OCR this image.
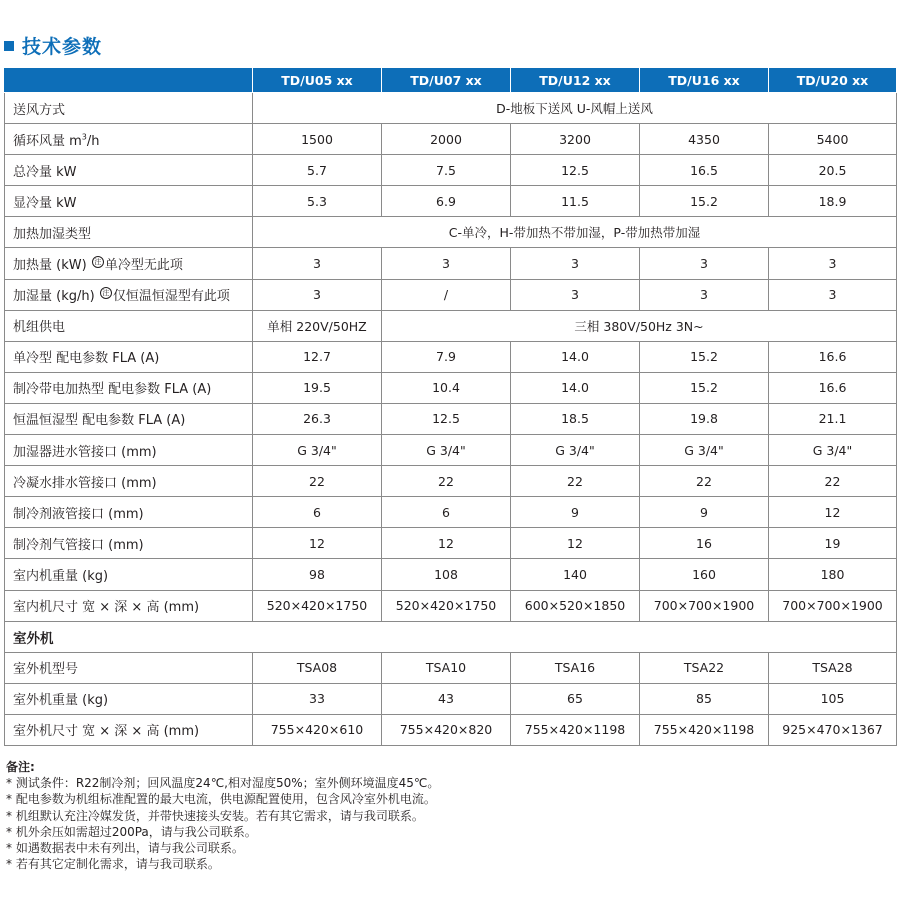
技术参数
	TD/U05 xx	TD/U07 xx	TD/U12 xx	TD/U16 xx	TD/U20 xx
送风方式	D-地板下送风 U-风帽上送风				
循环风量 $m^3/h$	1500	2000	3200	4350	5400
总冷量 kW	5.7	7.5	12.5	16.5	20.5
显冷量 kW	5.3	6.9	11.5	15.2	18.9
加热加湿类型	C-单冷，H-带加热不带加湿，P-带加热带加湿				
加热量 (kW) 注 单冷型无此项	3	3	3	3	3
加湿量 (kg/h) 注 仅恒温恒湿型有此项	3	/	3	3	3
机组供电	单相 220V/50HZ	三相 380V/50Hz 3N~			
单冷型 配电参数 FLA (A)	12.7	7.9	14.0	15.2	16.6
制冷带电加热型 配电参数 FLA (A)	19.5	10.4	14.0	15.2	16.6
恒温恒湿型 配电参数 FLA (A)	26.3	12.5	18.5	19.8	21.1
加湿器进水管接口 (mm)	G 3/4"	G 3/4"	G 3/4"	G 3/4"	G 3/4"
冷凝水排水管接口 (mm)	22	22	22	22	22
制冷剂液管接口 (mm)	6	6	9	9	12
制冷剂气管接口 (mm)	12	12	12	16	19
室内机重量 (kg)	98	108	140	160	180
室内机尺寸 宽 × 深 × 高 (mm)	520×420×1750	520×420×1750	600×520×1850	700×700×1900	700×700×1900
室外机					
室外机型号	TSA08	TSA10	TSA16	TSA22	TSA28
室外机重量 (kg)	33	43	65	85	105
室外机尺寸 宽 × 深 × 高 (mm)	755×420×610	755×420×820	755×420×1198	755×420×1198	925×470×1367
备注:
* 测试条件：R22制冷剂；回风温度24℃,相对湿度50%；室外侧环境温度45℃。
* 配电参数为机组标准配置的最大电流，供电源配置使用，包含风冷室外机电流。
* 机组默认充注冷媒发货，并带快速接头安装。若有其它需求，请与我司联系。
* 机外余压如需超过200Pa，请与我公司联系。
* 如遇数据表中未有列出，请与我公司联系。
* 若有其它定制化需求，请与我司联系。
